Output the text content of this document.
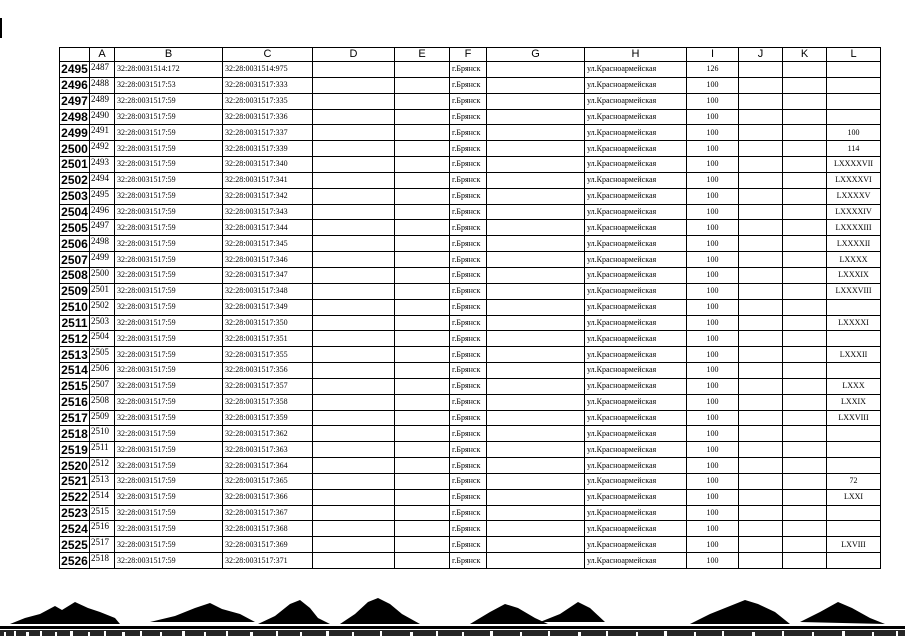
	A	B	C	D	E	F	G	H	I	J	K	L
2495	2487	32:28:0031514:172	32:28:0031514:975			г.Брянск		ул.Красноармейская	126			
2496	2488	32:28:0031517:53	32:28:0031517:333			г.Брянск		ул.Красноармейская	100			
2497	2489	32:28:0031517:59	32:28:0031517:335			г.Брянск		ул.Красноармейская	100			
2498	2490	32:28:0031517:59	32:28:0031517:336			г.Брянск		ул.Красноармейская	100			
2499	2491	32:28:0031517:59	32:28:0031517:337			г.Брянск		ул.Красноармейская	100			100
2500	2492	32:28:0031517:59	32:28:0031517:339			г.Брянск		ул.Красноармейская	100			114
2501	2493	32:28:0031517:59	32:28:0031517:340			г.Брянск		ул.Красноармейская	100			LXXXXVII
2502	2494	32:28:0031517:59	32:28:0031517:341			г.Брянск		ул.Красноармейская	100			LXXXXVI
2503	2495	32:28:0031517:59	32:28:0031517:342			г.Брянск		ул.Красноармейская	100			LXXXXV
2504	2496	32:28:0031517:59	32:28:0031517:343			г.Брянск		ул.Красноармейская	100			LXXXXIV
2505	2497	32:28:0031517:59	32:28:0031517:344			г.Брянск		ул.Красноармейская	100			LXXXXIII
2506	2498	32:28:0031517:59	32:28:0031517:345			г.Брянск		ул.Красноармейская	100			LXXXXII
2507	2499	32:28:0031517:59	32:28:0031517:346			г.Брянск		ул.Красноармейская	100			LXXXX
2508	2500	32:28:0031517:59	32:28:0031517:347			г.Брянск		ул.Красноармейская	100			LXXXIX
2509	2501	32:28:0031517:59	32:28:0031517:348			г.Брянск		ул.Красноармейская	100			LXXXVIII
2510	2502	32:28:0031517:59	32:28:0031517:349			г.Брянск		ул.Красноармейская	100			
2511	2503	32:28:0031517:59	32:28:0031517:350			г.Брянск		ул.Красноармейская	100			LXXXXI
2512	2504	32:28:0031517:59	32:28:0031517:351			г.Брянск		ул.Красноармейская	100			
2513	2505	32:28:0031517:59	32:28:0031517:355			г.Брянск		ул.Красноармейская	100			LXXXII
2514	2506	32:28:0031517:59	32:28:0031517:356			г.Брянск		ул.Красноармейская	100			
2515	2507	32:28:0031517:59	32:28:0031517:357			г.Брянск		ул.Красноармейская	100			LXXX
2516	2508	32:28:0031517:59	32:28:0031517:358			г.Брянск		ул.Красноармейская	100			LXXIX
2517	2509	32:28:0031517:59	32:28:0031517:359			г.Брянск		ул.Красноармейская	100			LXXVIII
2518	2510	32:28:0031517:59	32:28:0031517:362			г.Брянск		ул.Красноармейская	100			
2519	2511	32:28:0031517:59	32:28:0031517:363			г.Брянск		ул.Красноармейская	100			
2520	2512	32:28:0031517:59	32:28:0031517:364			г.Брянск		ул.Красноармейская	100			
2521	2513	32:28:0031517:59	32:28:0031517:365			г.Брянск		ул.Красноармейская	100			72
2522	2514	32:28:0031517:59	32:28:0031517:366			г.Брянск		ул.Красноармейская	100			LXXI
2523	2515	32:28:0031517:59	32:28:0031517:367			г.Брянск		ул.Красноармейская	100			
2524	2516	32:28:0031517:59	32:28:0031517:368			г.Брянск		ул.Красноармейская	100			
2525	2517	32:28:0031517:59	32:28:0031517:369			г.Брянск		ул.Красноармейская	100			LXVIII
2526	2518	32:28:0031517:59	32:28:0031517:371			г.Брянск		ул.Красноармейская	100			
